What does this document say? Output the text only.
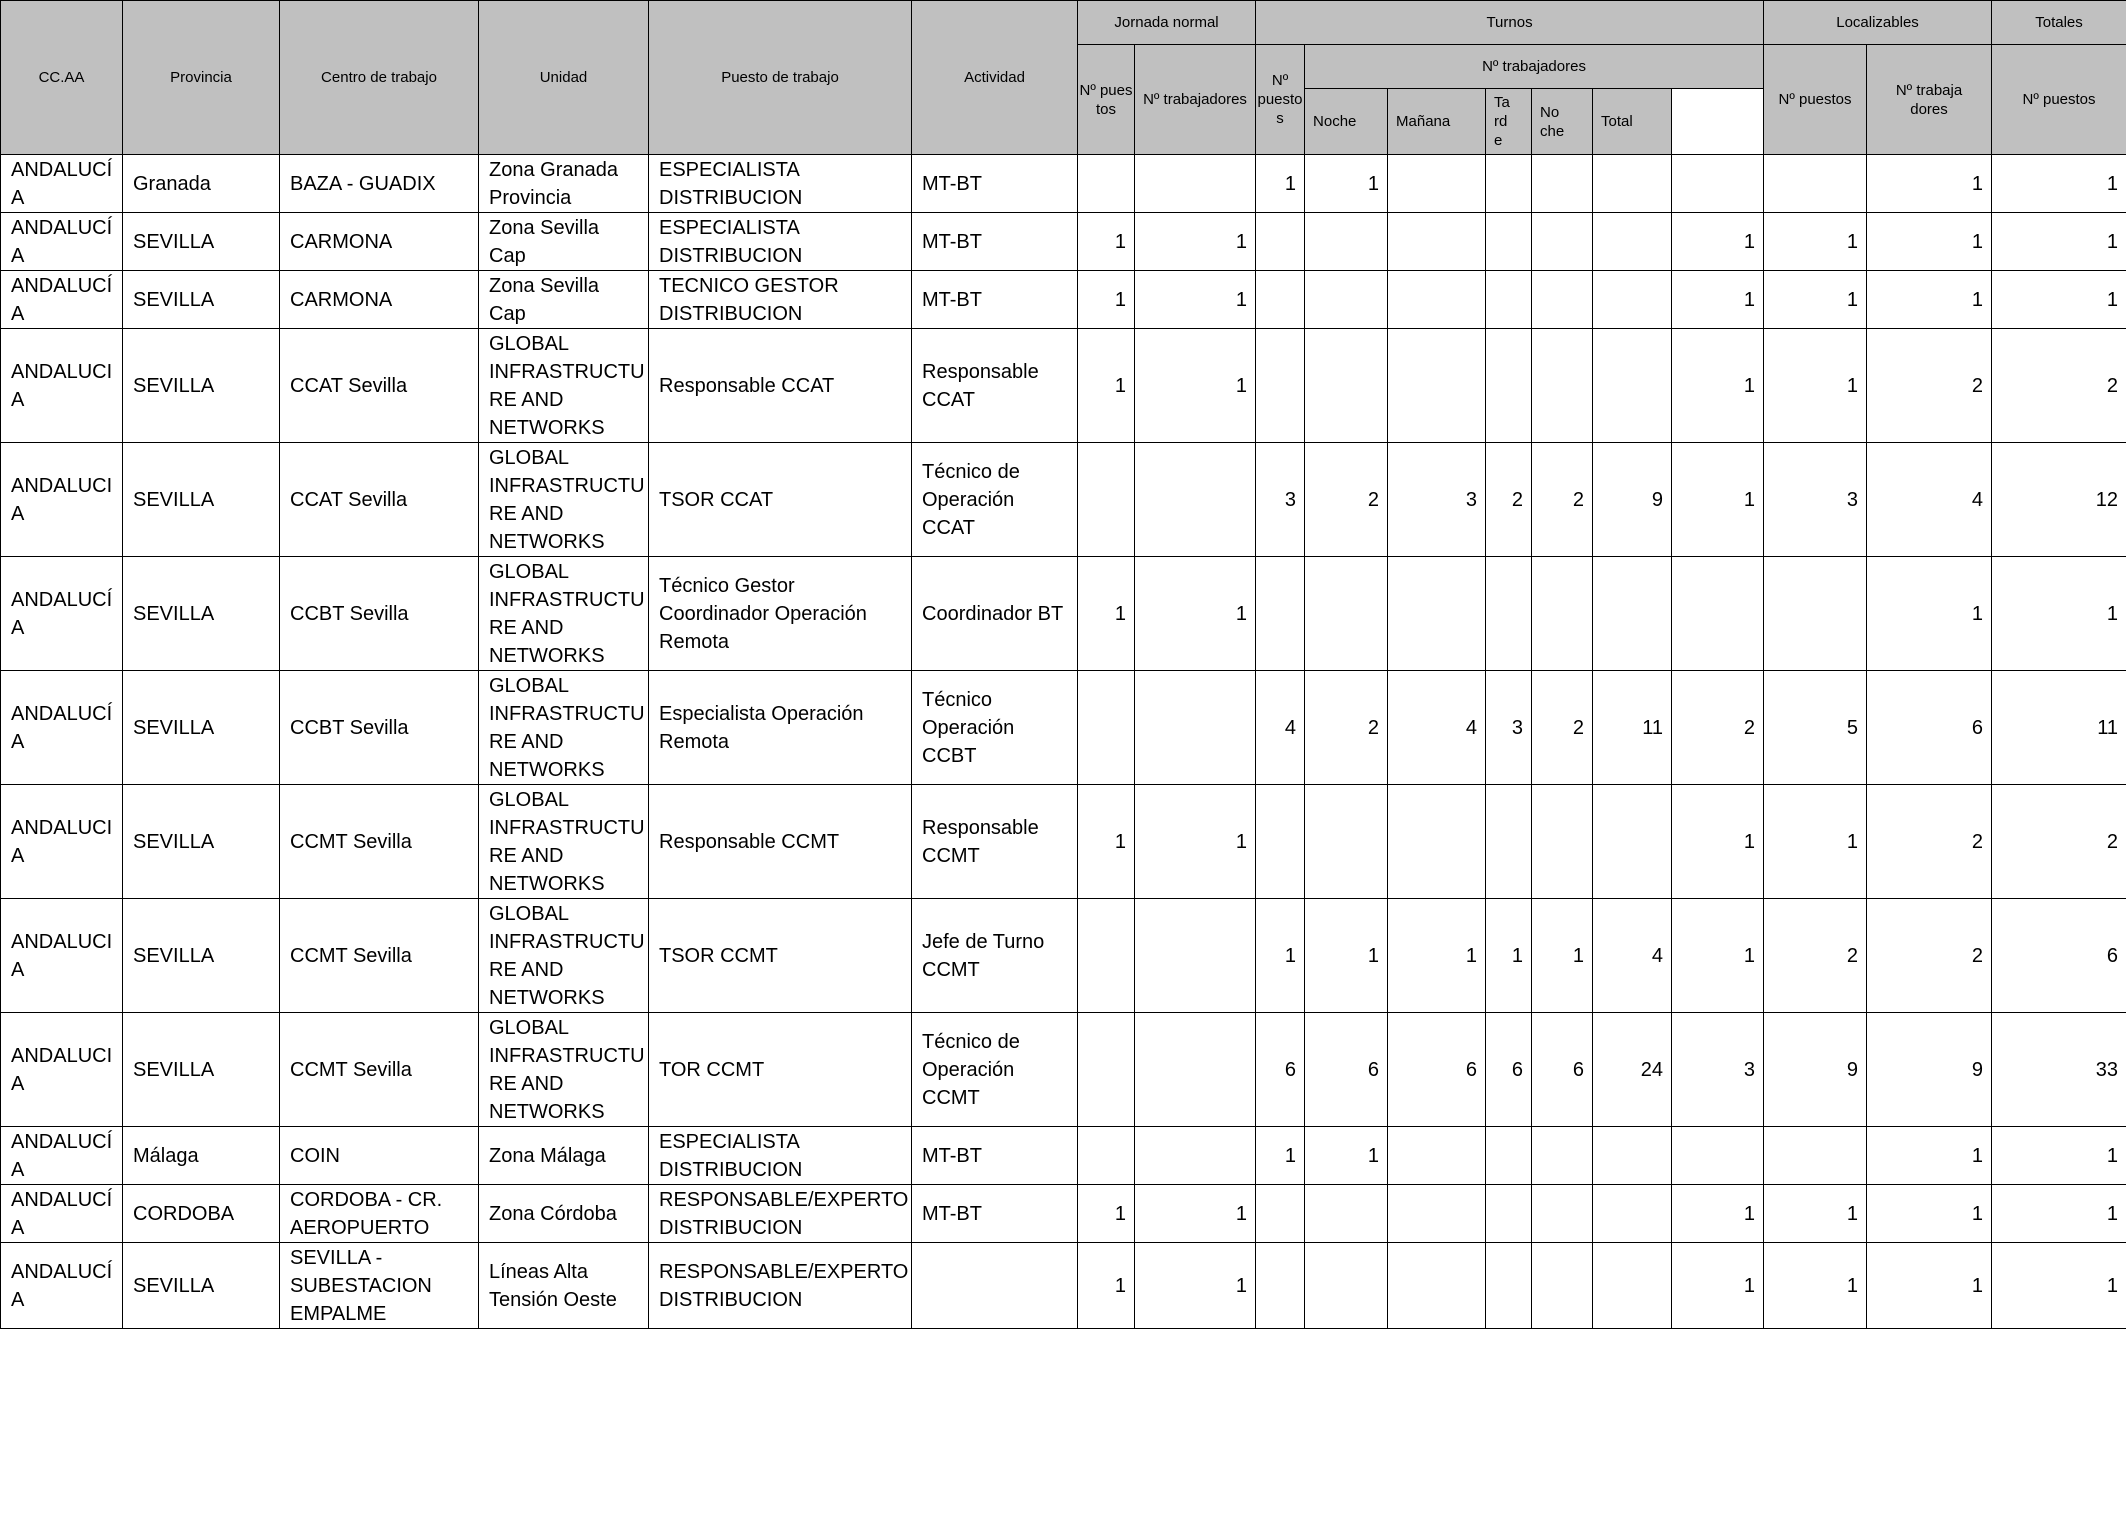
CC.AA	Provincia	Centro de trabajo	Unidad	Puesto de trabajo	Actividad	Jornada normal		Turnos							Localizables		Totales	
						Nº pues
tos	Nº trabajadores	Nº
puesto
s	Nº trabajadores						Nº puestos	Nº trabaja
dores	Nº puestos	
									Noche	Mañana	Ta
rd
e	No
che	Total					
ANDALUCÍ
A	Granada	BAZA - GUADIX	Zona Granada
Provincia	ESPECIALISTA
DISTRIBUCION	MT-BT			1	1							1	1	
ANDALUCÍ
A	SEVILLA	CARMONA	Zona Sevilla
Cap	ESPECIALISTA
DISTRIBUCION	MT-BT	1	1							1	1	1	1	
ANDALUCÍ
A	SEVILLA	CARMONA	Zona Sevilla
Cap	TECNICO GESTOR
DISTRIBUCION	MT-BT	1	1							1	1	1	1	
ANDALUCI
A	SEVILLA	CCAT Sevilla	GLOBAL
INFRASTRUCTU
RE AND
NETWORKS	Responsable CCAT	Responsable
CCAT	1	1							1	1	2	2	
ANDALUCI
A	SEVILLA	CCAT Sevilla	GLOBAL
INFRASTRUCTU
RE AND
NETWORKS	TSOR CCAT	Técnico de
Operación
CCAT			3	2	3	2	2	9	1	3	4	12	
ANDALUCÍ
A	SEVILLA	CCBT Sevilla	GLOBAL
INFRASTRUCTU
RE AND
NETWORKS	Técnico Gestor
Coordinador Operación
Remota	Coordinador BT	1	1									1	1	
ANDALUCÍ
A	SEVILLA	CCBT Sevilla	GLOBAL
INFRASTRUCTU
RE AND
NETWORKS	Especialista Operación
Remota	Técnico
Operación
CCBT			4	2	4	3	2	11	2	5	6	11	
ANDALUCI
A	SEVILLA	CCMT Sevilla	GLOBAL
INFRASTRUCTU
RE AND
NETWORKS	Responsable CCMT	Responsable
CCMT	1	1							1	1	2	2	
ANDALUCI
A	SEVILLA	CCMT Sevilla	GLOBAL
INFRASTRUCTU
RE AND
NETWORKS	TSOR CCMT	Jefe de Turno
CCMT			1	1	1	1	1	4	1	2	2	6	
ANDALUCI
A	SEVILLA	CCMT Sevilla	GLOBAL
INFRASTRUCTU
RE AND
NETWORKS	TOR CCMT	Técnico de
Operación
CCMT			6	6	6	6	6	24	3	9	9	33	
ANDALUCÍ
A	Málaga	COIN	Zona Málaga	ESPECIALISTA
DISTRIBUCION	MT-BT			1	1							1	1	
ANDALUCÍ
A	CORDOBA	CORDOBA - CR.
AEROPUERTO	Zona Córdoba	RESPONSABLE/EXPERTO
DISTRIBUCION	MT-BT	1	1							1	1	1	1	
ANDALUCÍ
A	SEVILLA	SEVILLA -
SUBESTACION
EMPALME	Líneas Alta
Tensión Oeste	RESPONSABLE/EXPERTO
DISTRIBUCION		1	1							1	1	1	1	
